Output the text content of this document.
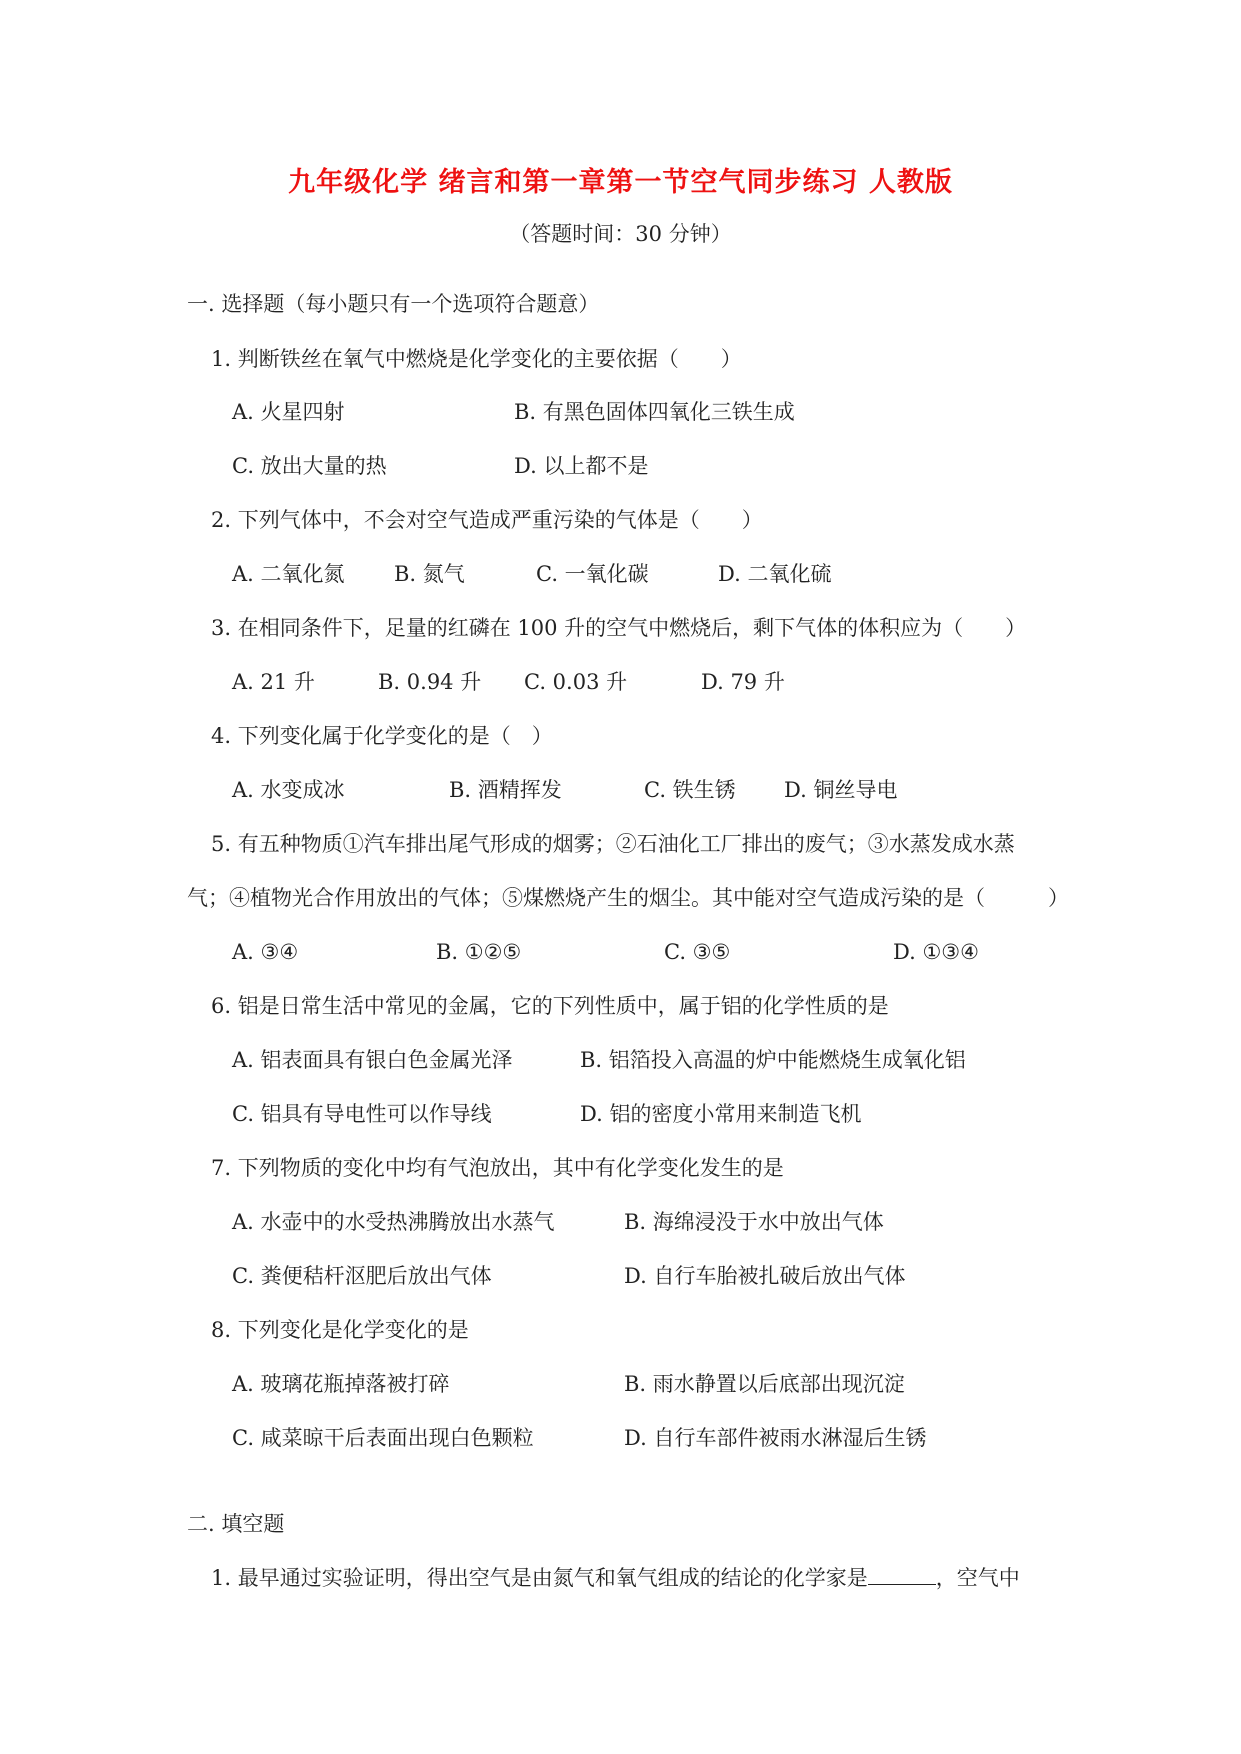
九年级化学 绪言和第一章第一节空气同步练习 人教版
（答题时间：30 分钟）
一. 选择题（每小题只有一个选项符合题意）
1. 判断铁丝在氧气中燃烧是化学变化的主要依据（　　）
A. 火星四射	B. 有黑色固体四氧化三铁生成
C. 放出大量的热	D. 以上都不是
2. 下列气体中，不会对空气造成严重污染的气体是（　　）
A. 二氧化氮 B. 氮气	C. 一氧化碳	D. 二氧化硫
3. 在相同条件下，足量的红磷在 100 升的空气中燃烧后，剩下气体的体积应为（　　）
A. 21 升	B. 0.94 升 C. 0.03 升	D. 79 升
4. 下列变化属于化学变化的是（　）
A. 水变成冰	B. 酒精挥发	C. 铁生锈 D. 铜丝导电
5. 有五种物质①汽车排出尾气形成的烟雾；②石油化工厂排出的废气；③水蒸发成水蒸
气；④植物光合作用放出的气体；⑤煤燃烧产生的烟尘。其中能对空气造成污染的是（　　　）
A. ③④	B. ①②⑤	C. ③⑤	D. ①③④
6. 铝是日常生活中常见的金属，它的下列性质中，属于铝的化学性质的是
A. 铝表面具有银白色金属光泽	B. 铝箔投入高温的炉中能燃烧生成氧化铝
C. 铝具有导电性可以作导线	D. 铝的密度小常用来制造飞机
7. 下列物质的变化中均有气泡放出，其中有化学变化发生的是
A. 水壶中的水受热沸腾放出水蒸气	B. 海绵浸没于水中放出气体
C. 粪便秸杆沤肥后放出气体	D. 自行车胎被扎破后放出气体
8. 下列变化是化学变化的是
A. 玻璃花瓶掉落被打碎	B. 雨水静置以后底部出现沉淀
C. 咸菜晾干后表面出现白色颗粒	D. 自行车部件被雨水淋湿后生锈
二. 填空题
1. 最早通过实验证明，得出空气是由氮气和氧气组成的结论的化学家是	，空气中
